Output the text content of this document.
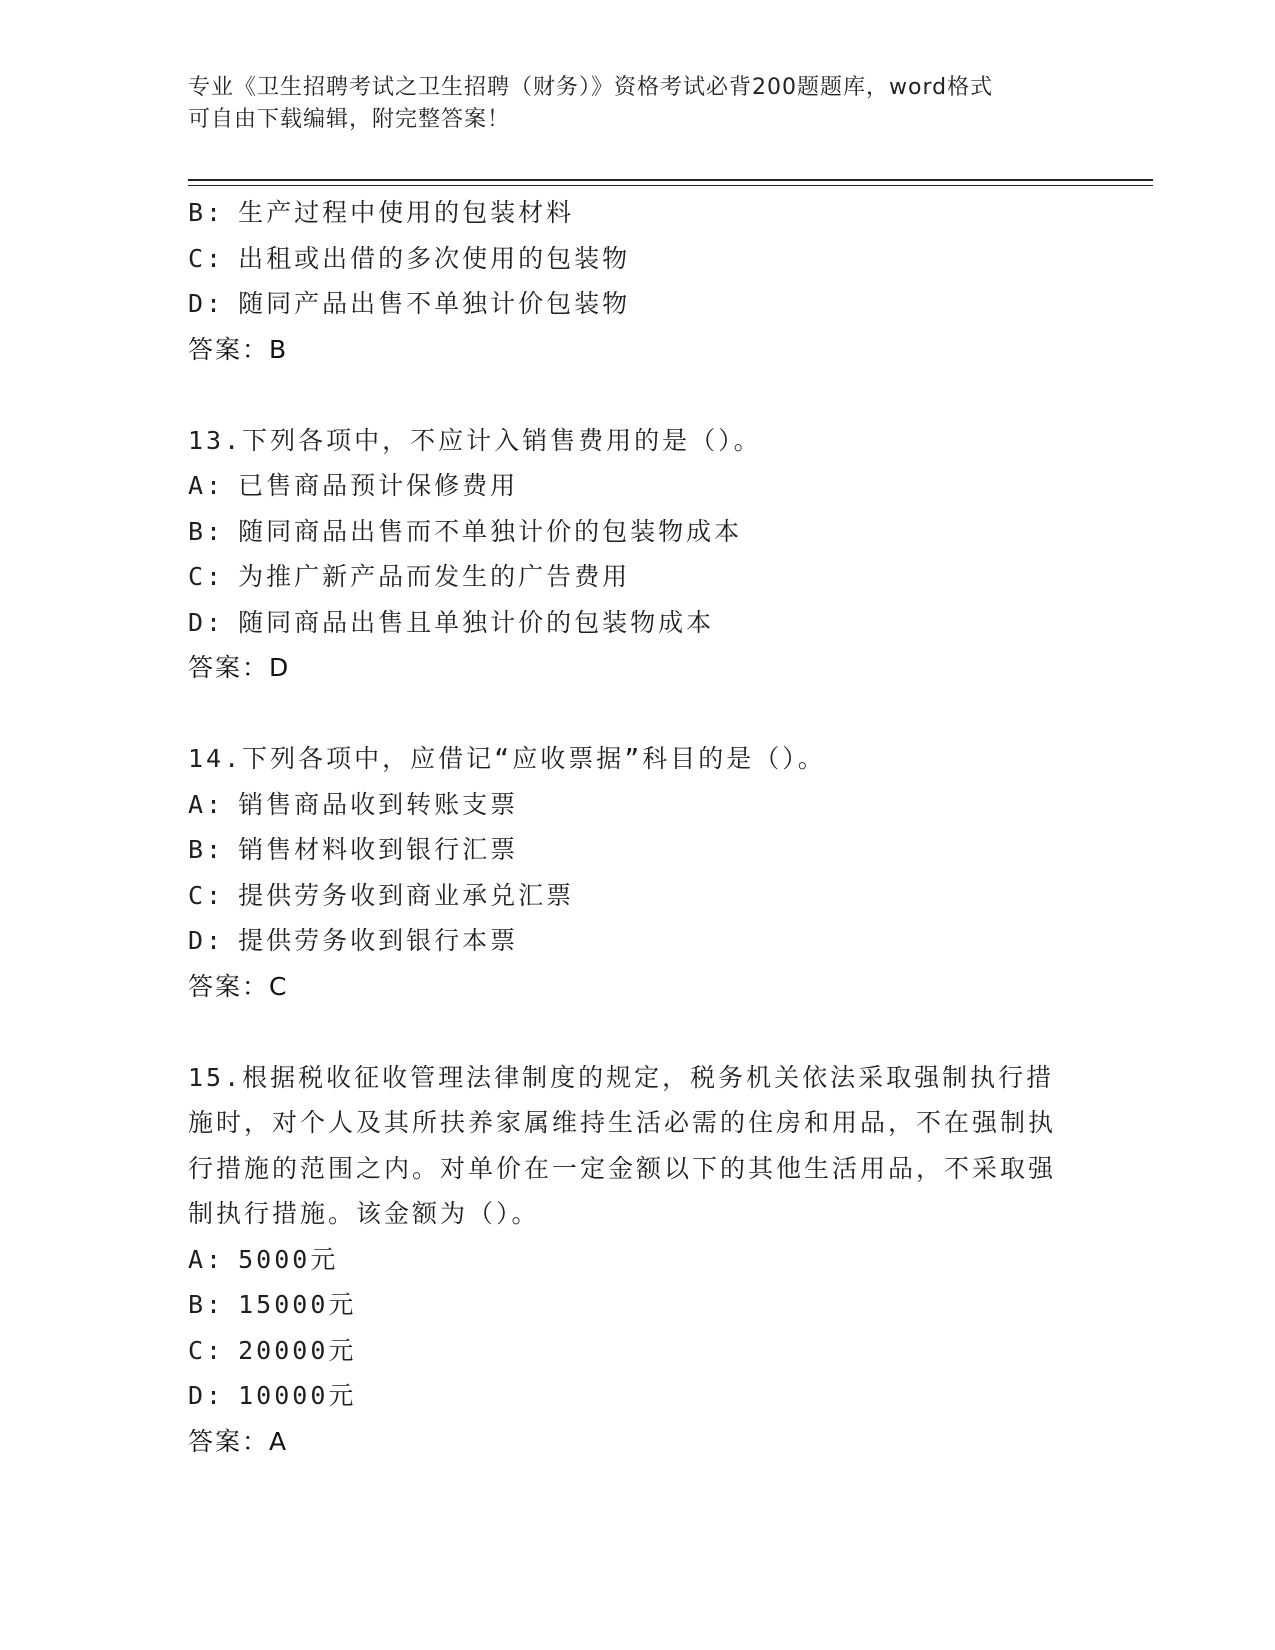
专业《卫生招聘考试之卫生招聘（财务）》资格考试必背200题题库，word格式
可自由下载编辑，附完整答案！
B: 生产过程中使用的包装材料
C: 出租或出借的多次使用的包装物
D: 随同产品出售不单独计价包装物
答案：B
13.下列各项中，不应计入销售费用的是（）。
A: 已售商品预计保修费用
B: 随同商品出售而不单独计价的包装物成本
C: 为推广新产品而发生的广告费用
D: 随同商品出售且单独计价的包装物成本
答案：D
14.下列各项中，应借记“应收票据”科目的是（）。
A: 销售商品收到转账支票
B: 销售材料收到银行汇票
C: 提供劳务收到商业承兑汇票
D: 提供劳务收到银行本票
答案：C
15.根据税收征收管理法律制度的规定，税务机关依法采取强制执行措施时，对个人及其所扶养家属维持生活必需的住房和用品，不在强制执行措施的范围之内。对单价在一定金额以下的其他生活用品，不采取强制执行措施。该金额为（）。
A: 5000元
B: 15000元
C: 20000元
D: 10000元
答案：A
